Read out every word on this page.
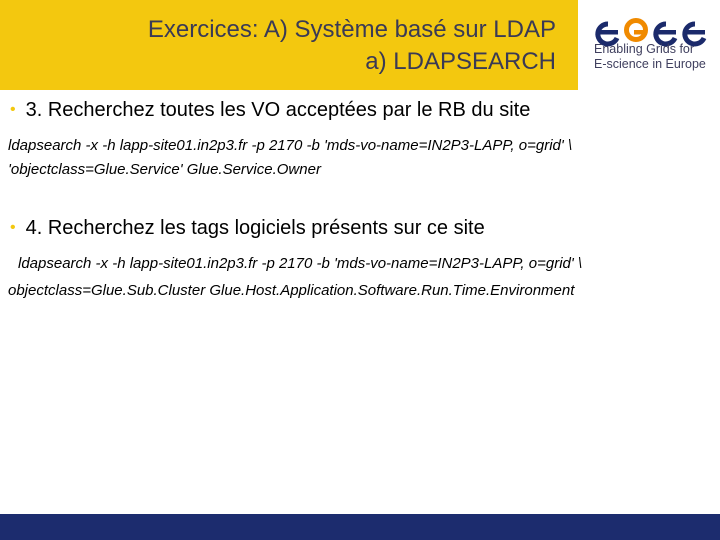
Exercices: A) Système basé sur LDAP
a) LDAPSEARCH	Enabling Grids for
E-science in Europe
• 3. Recherchez toutes les VO acceptées par le RB du site
ldapsearch -x -h lapp-site01.in2p3.fr -p 2170 -b 'mds-vo-name=IN2P3-LAPP, o=grid' \
'objectclass=Glue.Service' Glue.Service.Owner
• 4. Recherchez les tags logiciels présents sur ce site
ldapsearch -x -h lapp-site01.in2p3.fr -p 2170 -b 'mds-vo-name=IN2P3-LAPP, o=grid' \
objectclass=Glue.Sub.Cluster Glue.Host.Application.Software.Run.Time.Environment
